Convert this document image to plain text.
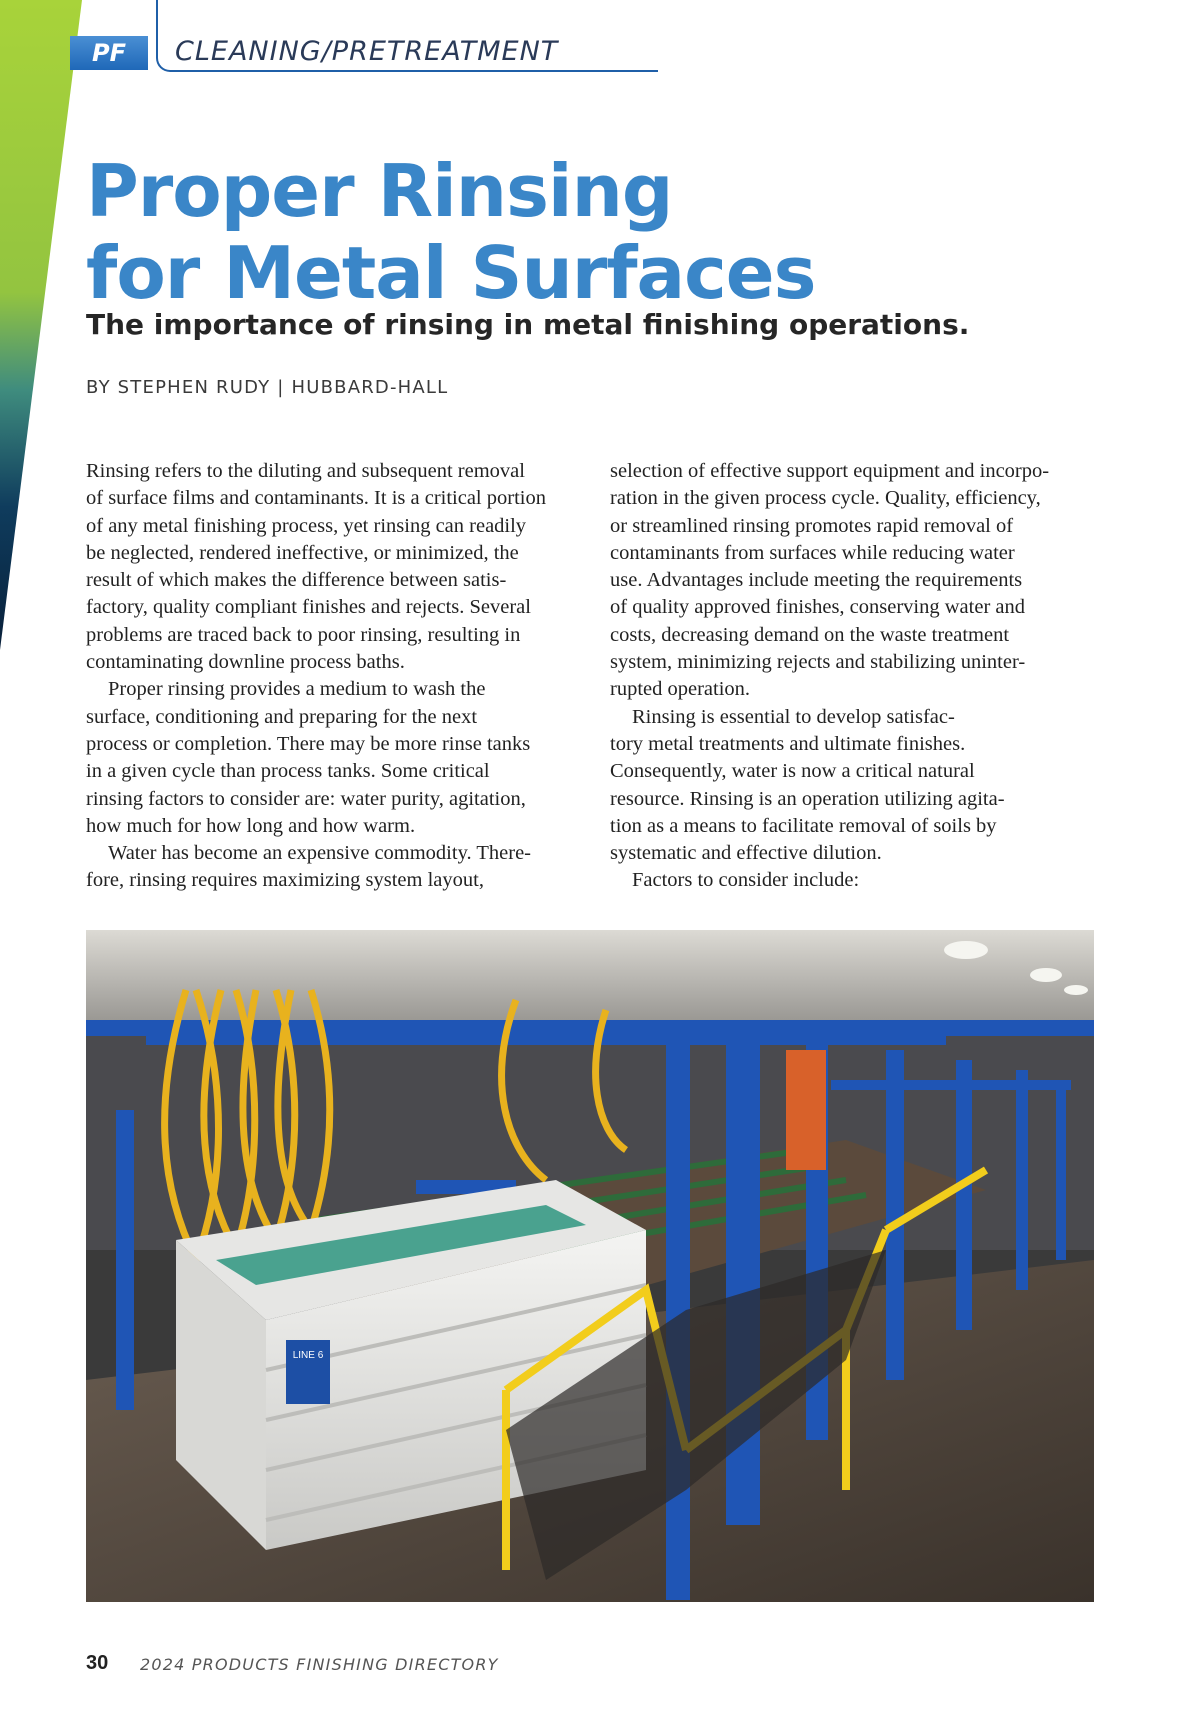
PF	CLEANING/PRETREATMENT
Proper Rinsing
for Metal Surfaces
The importance of rinsing in metal finishing operations.
BY STEPHEN RUDY | HUBBARD-HALL

Rinsing refers to the diluting and subsequent removal

of surface films and contaminants. It is a critical portion

of any metal finishing process, yet rinsing can readily

be neglected, rendered ineffective, or minimized, the

result of which makes the difference between satis-

factory, quality compliant finishes and rejects. Several

problems are traced back to poor rinsing, resulting in

contaminating downline process baths.

Proper rinsing provides a medium to wash the

surface, conditioning and preparing for the next

process or completion. There may be more rinse tanks

in a given cycle than process tanks. Some critical

rinsing factors to consider are: water purity, agitation,

how much for how long and how warm.

Water has become an expensive commodity. There-

fore, rinsing requires maximizing system layout,

selection of effective support equipment and incorpo-

ration in the given process cycle. Quality, efficiency,

or streamlined rinsing promotes rapid removal of

contaminants from surfaces while reducing water

use. Advantages include meeting the requirements

of quality approved finishes, conserving water and

costs, decreasing demand on the waste treatment

system, minimizing rejects and stabilizing uninter-

rupted operation.

Rinsing is essential to develop satisfac-

tory metal treatments and ultimate finishes.

Consequently, water is now a critical natural

resource. Rinsing is an operation utilizing agita-

tion as a means to facilitate removal of soils by

systematic and effective dilution.

Factors to consider include:

LINE 6
30 2024 PRODUCTS FINISHING DIRECTORY
